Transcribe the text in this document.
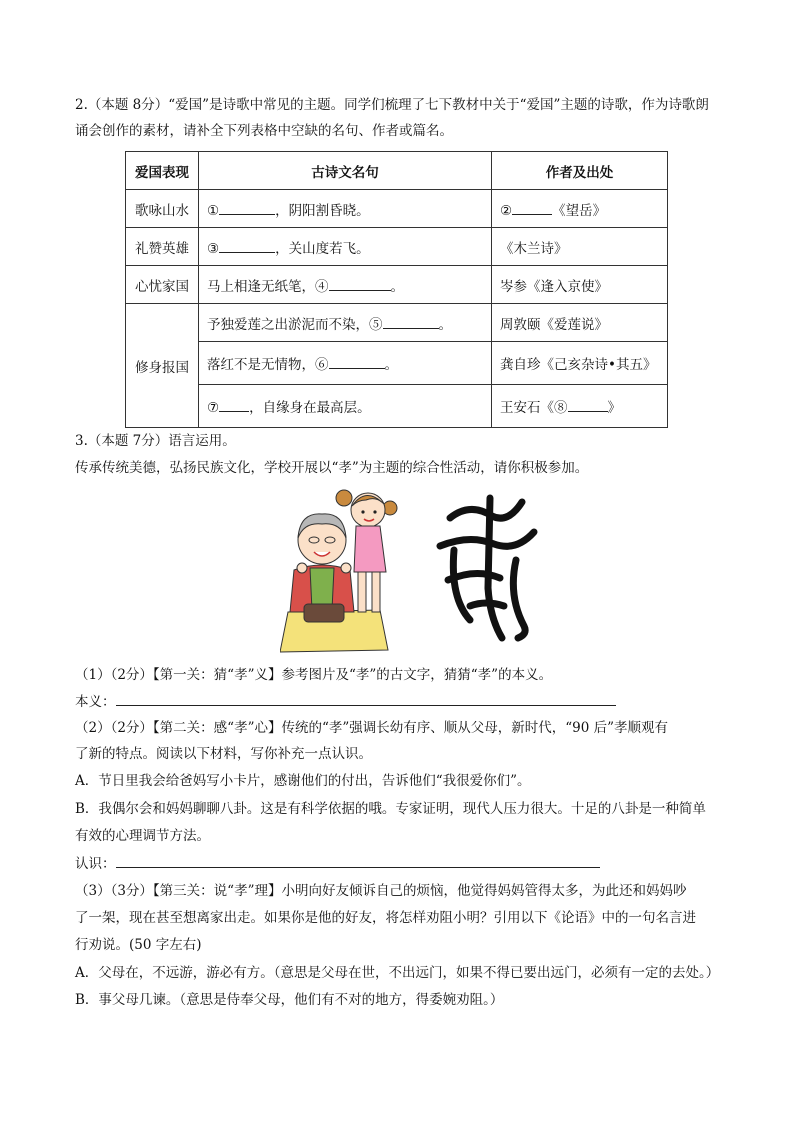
2.（本题 8分）“爱国”是诗歌中常见的主题。同学们梳理了七下教材中关于“爱国”主题的诗歌，作为诗歌朗
诵会创作的素材，请补全下列表格中空缺的名句、作者或篇名。
爱国表现	古诗文名句	作者及出处
歌咏山水	① ，阴阳割昏晓。	② 《望岳》
礼赞英雄	③ ，关山度若飞。	《木兰诗》
心忧家国	马上相逢无纸笔，④ 。	岑参《逢入京使》
修身报国	予独爱莲之出淤泥而不染，⑤ 。	周敦颐《爱莲说》
	落红不是无情物，⑥ 。	龚自珍《己亥杂诗•其五》
	⑦ ，自缘身在最高层。	王安石《⑧ 》
3.（本题 7分）语言运用。
传承传统美德，弘扬民族文化，学校开展以“孝”为主题的综合性活动，请你积极参加。
（1）（2分）【第一关：猜“孝”义】参考图片及“孝”的古文字，猜猜“孝”的本义。
本义：
（2）（2分）【第二关：感“孝”心】传统的“孝”强调长幼有序、顺从父母，新时代，“90 后”孝顺观有
了新的特点。阅读以下材料，写你补充一点认识。
A．节日里我会给爸妈写小卡片，感谢他们的付出，告诉他们“我很爱你们”。
B．我偶尔会和妈妈聊聊八卦。这是有科学依据的哦。专家证明，现代人压力很大。十足的八卦是一种简单
有效的心理调节方法。
认识：
（3）（3分）【第三关：说“孝”理】小明向好友倾诉自己的烦恼，他觉得妈妈管得太多，为此还和妈妈吵
了一架，现在甚至想离家出走。如果你是他的好友，将怎样劝阻小明？引用以下《论语》中的一句名言进
行劝说。(50 字左右)
A．父母在，不远游，游必有方。（意思是父母在世，不出远门，如果不得已要出远门，必须有一定的去处。）
B．事父母几谏。（意思是侍奉父母，他们有不对的地方，得委婉劝阻。）
